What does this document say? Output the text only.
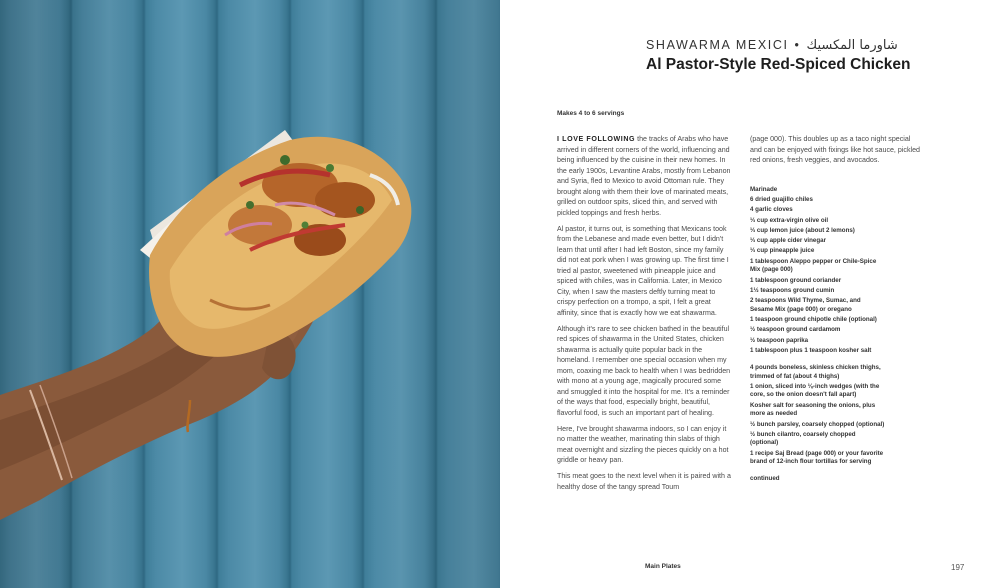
SHAWARMA MEXICI • شاورما المكسيك
Al Pastor-Style Red-Spiced Chicken
Makes 4 to 6 servings

I LOVE FOLLOWING the tracks of Arabs who have arrived in different corners of the world, influencing and being influenced by the cuisine in their new homes. In the early 1900s, Levantine Arabs, mostly from Lebanon and Syria, fled to Mexico to avoid Ottoman rule. They brought along with them their love of marinated meats, grilled on outdoor spits, sliced thin, and served with pickled toppings and fresh herbs.

Al pastor, it turns out, is something that Mexicans took from the Lebanese and made even better, but I didn't learn that until after I had left Boston, since my family did not eat pork when I was growing up. The first time I tried al pastor, sweetened with pineapple juice and spiced with chiles, was in California. Later, in Mexico City, when I saw the masters deftly turning meat to crispy perfection on a trompo, a spit, I felt a great affinity, since that is exactly how we eat shawarma.

Although it's rare to see chicken bathed in the beautiful red spices of shawarma in the United States, chicken shawarma is actually quite popular back in the homeland. I remember one special occasion when my mom, coaxing me back to health when I was bedridden with mono at a young age, magically procured some and smuggled it into the hospital for me. It's a reminder of the ways that food, especially bright, beautiful, flavorful food, is such an important part of healing.

Here, I've brought shawarma indoors, so I can enjoy it no matter the weather, marinating thin slabs of thigh meat overnight and sizzling the pieces quickly on a hot griddle or heavy pan.

This meat goes to the next level when it is paired with a healthy dose of the tangy spread Toum

(page 000). This doubles up as a taco night special and can be enjoyed with fixings like hot sauce, pickled red onions, fresh veggies, and avocados.

Marinade
6 dried guajillo chiles
4 garlic cloves
⅓ cup extra-virgin olive oil
⅓ cup lemon juice (about 2 lemons)
⅓ cup apple cider vinegar
⅓ cup pineapple juice
1 tablespoon Aleppo pepper or Chile-Spice Mix (page 000)
1 tablespoon ground coriander
1½ teaspoons ground cumin
2 teaspoons Wild Thyme, Sumac, and Sesame Mix (page 000) or oregano
1 teaspoon ground chipotle chile (optional)
½ teaspoon ground cardamom
½ teaspoon paprika
1 tablespoon plus 1 teaspoon kosher salt
4 pounds boneless, skinless chicken thighs, trimmed of fat (about 4 thighs)
1 onion, sliced into ⅛-inch wedges (with the core, so the onion doesn't fall apart)
Kosher salt for seasoning the onions, plus more as needed
½ bunch parsley, coarsely chopped (optional)
½ bunch cilantro, coarsely chopped (optional)
1 recipe Saj Bread (page 000) or your favorite brand of 12-inch flour tortillas for serving
continued
Main Plates	197
